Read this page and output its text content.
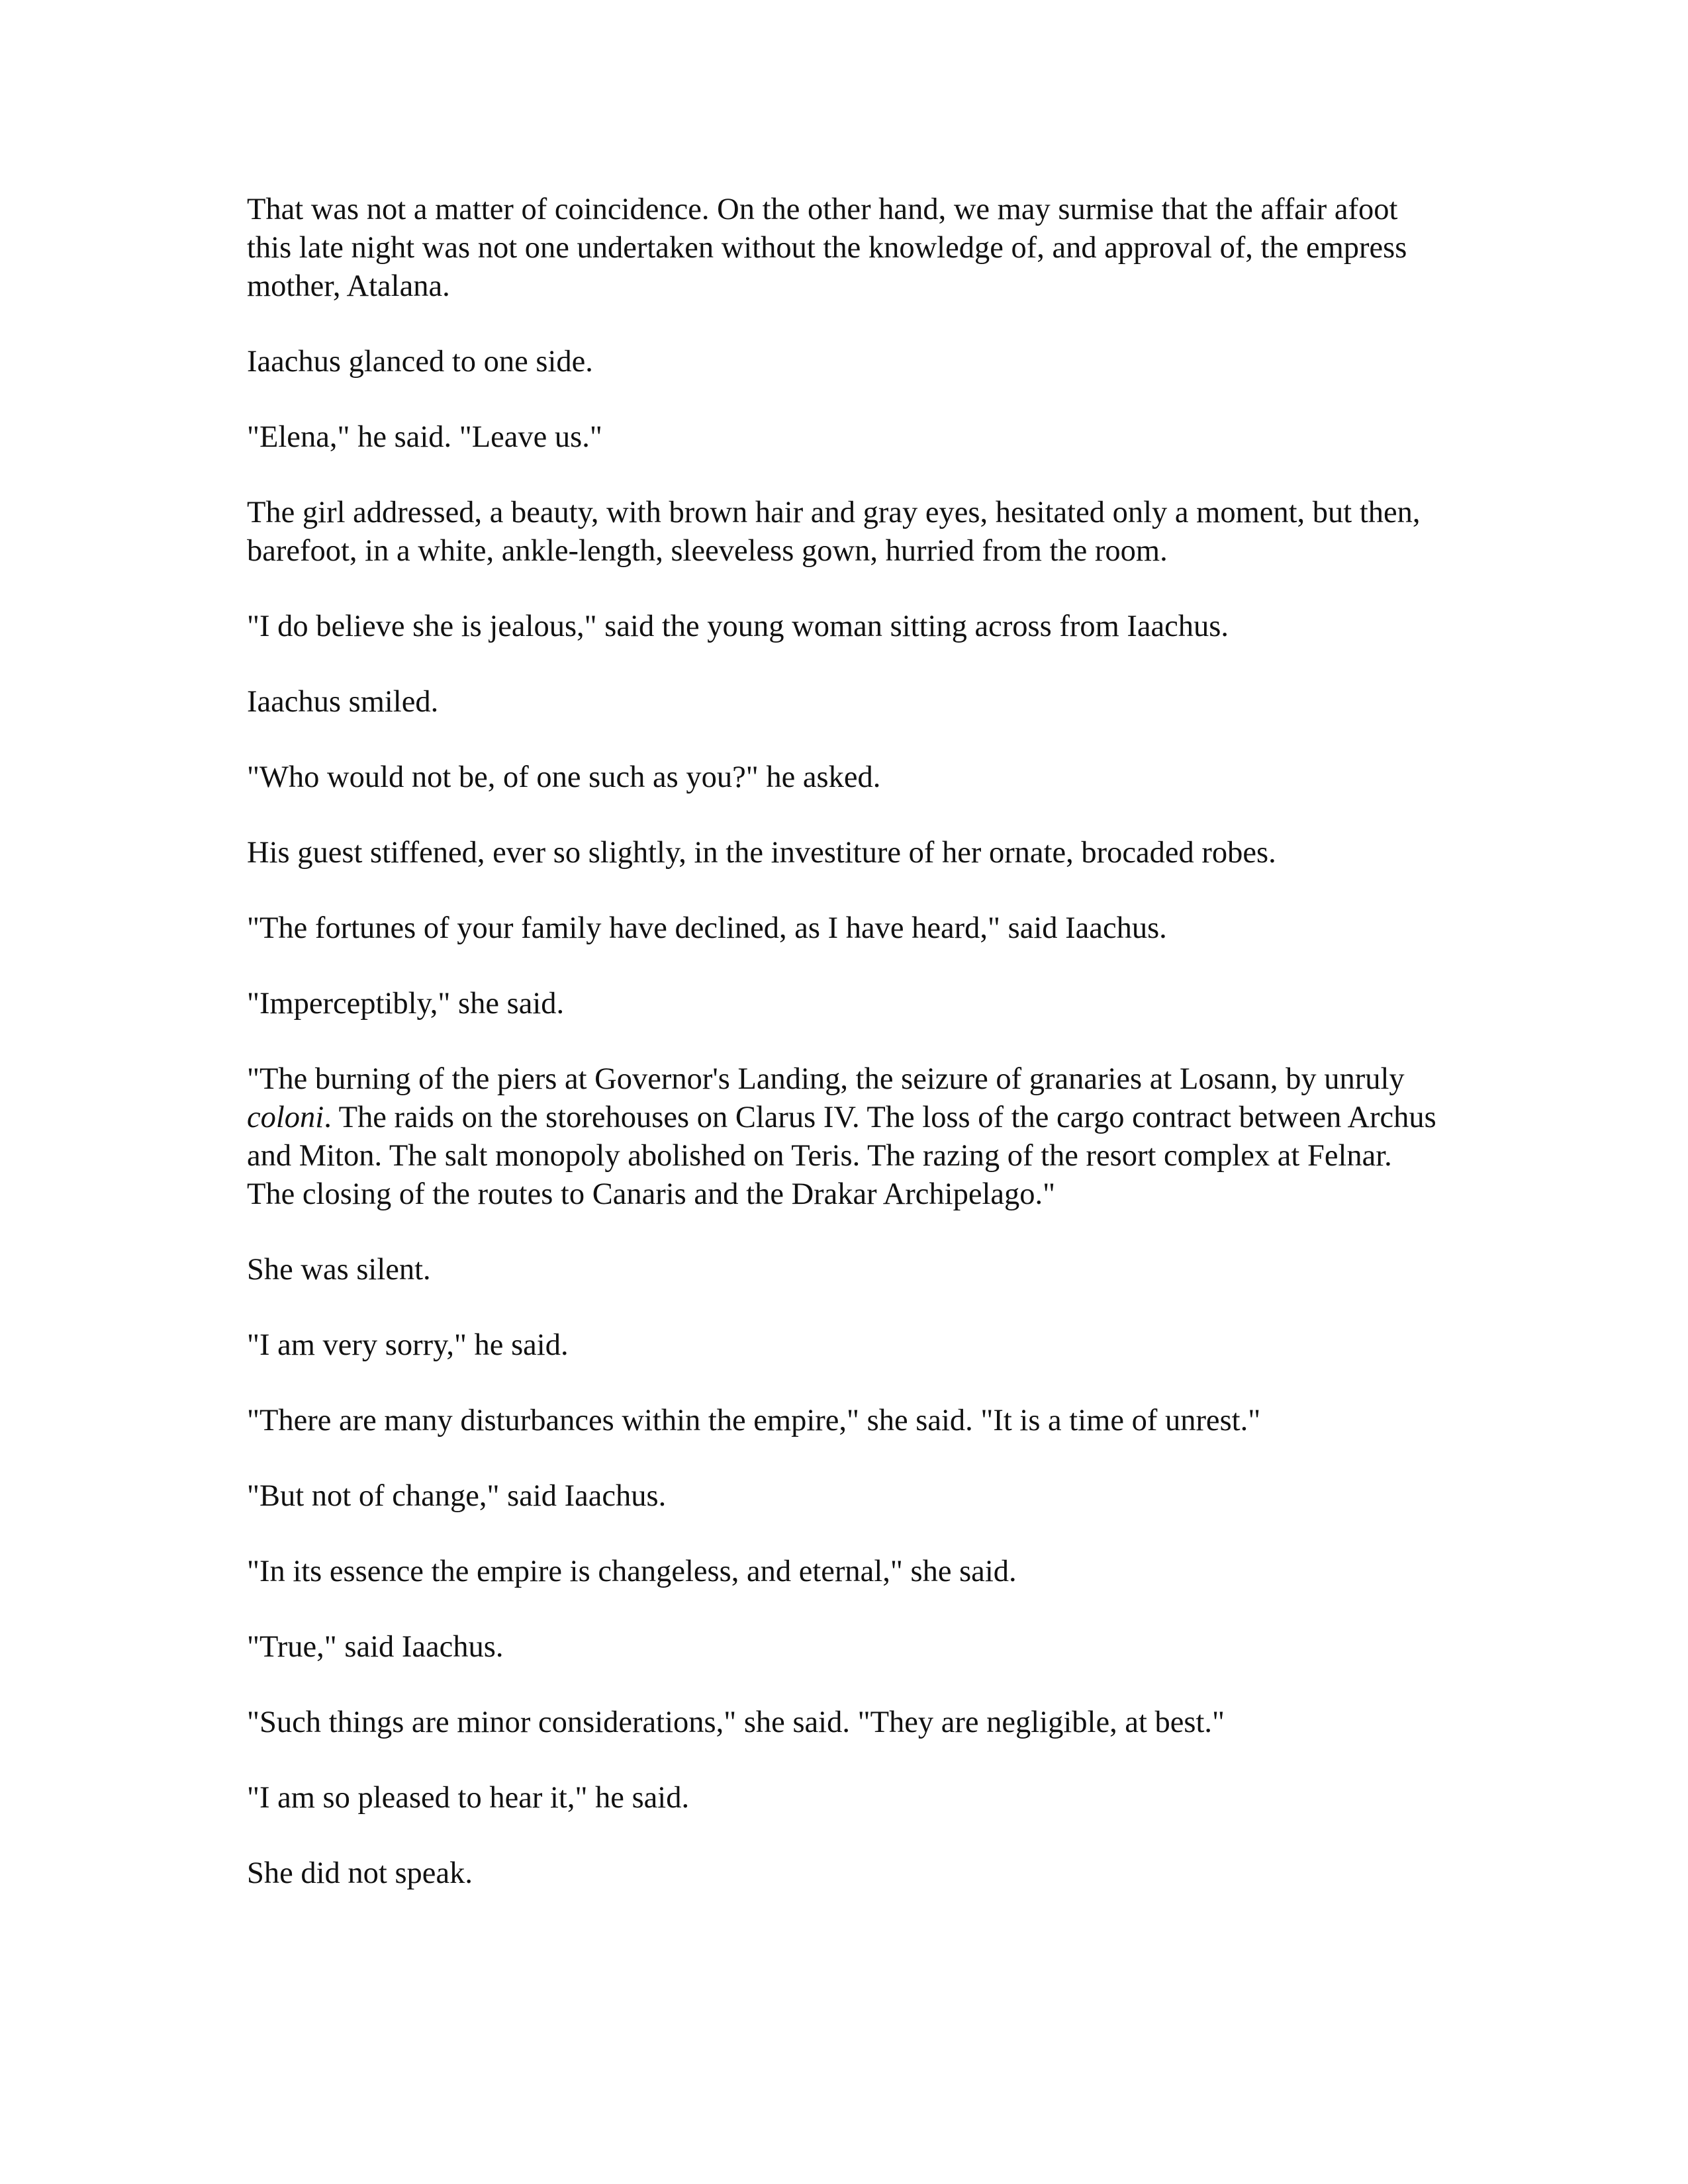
That was not a matter of coincidence. On the other hand, we may surmise that the affair afoot this late night was not one undertaken without the knowledge of, and approval of, the empress mother, Atalana.

Iaachus glanced to one side.

"Elena," he said. "Leave us."

The girl addressed, a beauty, with brown hair and gray eyes, hesitated only a moment, but then, barefoot, in a white, ankle-length, sleeveless gown, hurried from the room.

"I do believe she is jealous," said the young woman sitting across from Iaachus.

Iaachus smiled.

"Who would not be, of one such as you?" he asked.

His guest stiffened, ever so slightly, in the investiture of her ornate, brocaded robes.

"The fortunes of your family have declined, as I have heard," said Iaachus.

"Imperceptibly," she said.

"The burning of the piers at Governor's Landing, the seizure of granaries at Losann, by unruly coloni. The raids on the storehouses on Clarus IV. The loss of the cargo contract between Archus and Miton. The salt monopoly abolished on Teris. The razing of the resort complex at Felnar. The closing of the routes to Canaris and the Drakar Archipelago."

She was silent.

"I am very sorry," he said.

"There are many disturbances within the empire," she said. "It is a time of unrest."

"But not of change," said Iaachus.

"In its essence the empire is changeless, and eternal," she said.

"True," said Iaachus.

"Such things are minor considerations," she said. "They are negligible, at best."

"I am so pleased to hear it," he said.

She did not speak.
